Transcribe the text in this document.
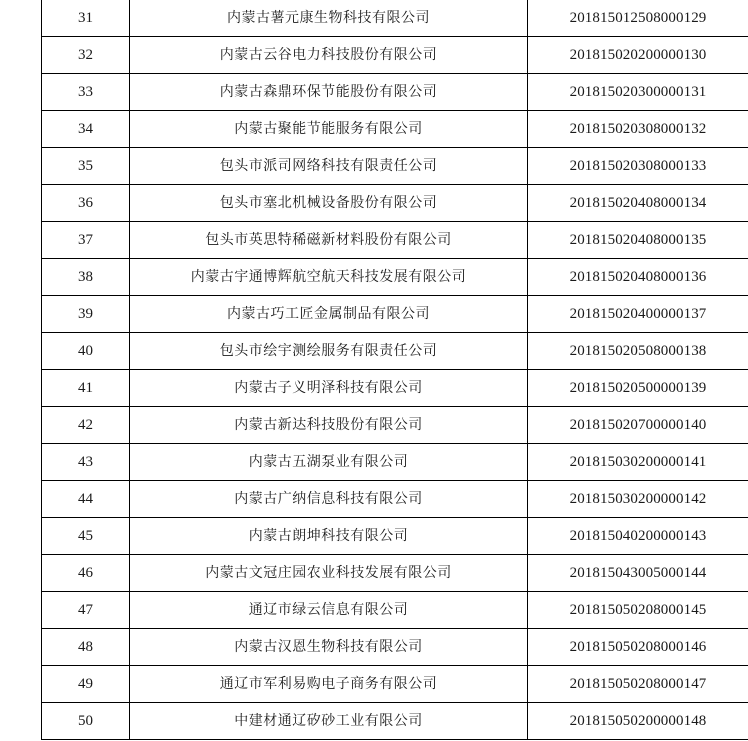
31	内蒙古薯元康生物科技有限公司	201815012508000129
32	内蒙古云谷电力科技股份有限公司	201815020200000130
33	内蒙古森鼎环保节能股份有限公司	201815020300000131
34	内蒙古聚能节能服务有限公司	201815020308000132
35	包头市派司网络科技有限责任公司	201815020308000133
36	包头市塞北机械设备股份有限公司	201815020408000134
37	包头市英思特稀磁新材料股份有限公司	201815020408000135
38	内蒙古宇通博辉航空航天科技发展有限公司	201815020408000136
39	内蒙古巧工匠金属制品有限公司	201815020400000137
40	包头市绘宇测绘服务有限责任公司	201815020508000138
41	内蒙古子义明泽科技有限公司	201815020500000139
42	内蒙古新达科技股份有限公司	201815020700000140
43	内蒙古五湖泵业有限公司	201815030200000141
44	内蒙古广纳信息科技有限公司	201815030200000142
45	内蒙古朗坤科技有限公司	201815040200000143
46	内蒙古文冠庄园农业科技发展有限公司	201815043005000144
47	通辽市绿云信息有限公司	201815050208000145
48	内蒙古汉恩生物科技有限公司	201815050208000146
49	通辽市军利易购电子商务有限公司	201815050208000147
50	中建材通辽矽砂工业有限公司	201815050200000148
